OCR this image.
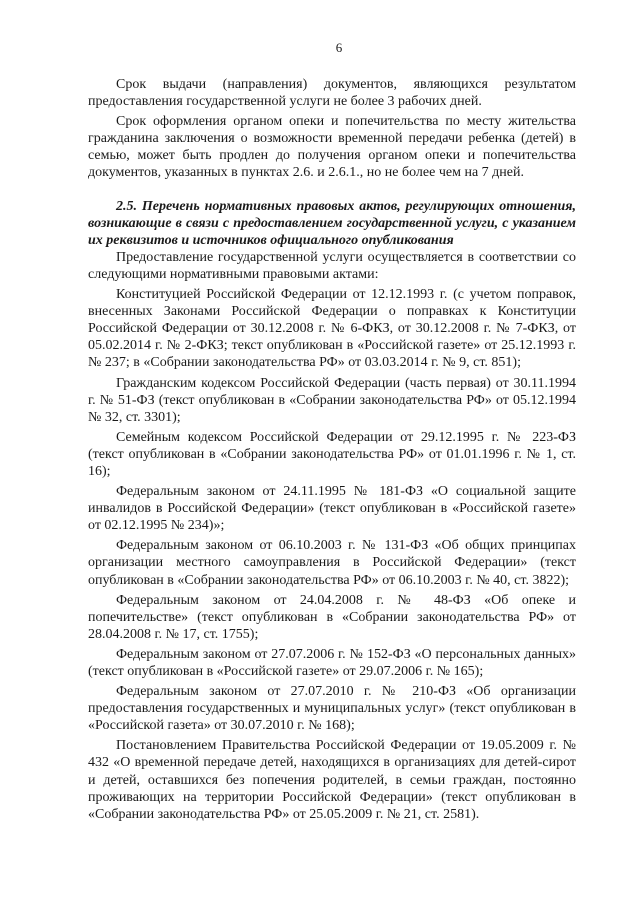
6

Срок выдачи (направления) документов, являющихся результатом предоставления государственной услуги не более 3 рабочих дней.

Срок оформления органом опеки и попечительства по месту жительства гражданина заключения о возможности временной передачи ребенка (детей) в семью, может быть продлен до получения органом опеки и попечительства документов, указанных в пунктах 2.6. и 2.6.1., но не более чем на 7 дней.

2.5. Перечень нормативных правовых актов, регулирующих отношения, возникающие в связи с предоставлением государственной услуги, с указанием их реквизитов и источников официального опубликования

Предоставление государственной услуги осуществляется в соответствии со следующими нормативными правовыми актами:

Конституцией Российской Федерации от 12.12.1993 г. (с учетом поправок, внесенных Законами Российской Федерации о поправках к Конституции Российской Федерации от 30.12.2008 г. № 6-ФКЗ, от 30.12.2008 г. № 7-ФКЗ, от 05.02.2014 г. № 2-ФКЗ; текст опубликован в «Российской газете» от 25.12.1993 г. № 237; в «Собрании законодательства РФ» от 03.03.2014 г. № 9, ст. 851);

Гражданским кодексом Российской Федерации (часть первая) от 30.11.1994 г. № 51-ФЗ (текст опубликован в «Собрании законодательства РФ» от 05.12.1994 № 32, ст. 3301);

Семейным кодексом Российской Федерации от 29.12.1995 г. № 223-ФЗ (текст опубликован в «Собрании законодательства РФ» от 01.01.1996 г. № 1, ст. 16);

Федеральным законом от 24.11.1995 № 181-ФЗ «О социальной защите инвалидов в Российской Федерации» (текст опубликован в «Российской газете» от 02.12.1995 № 234)»;

Федеральным законом от 06.10.2003 г. № 131-ФЗ «Об общих принципах организации местного самоуправления в Российской Федерации» (текст опубликован в «Собрании законодательства РФ» от 06.10.2003 г. № 40, ст. 3822);

Федеральным законом от 24.04.2008 г. № 48-ФЗ «Об опеке и попечительстве» (текст опубликован в «Собрании законодательства РФ» от 28.04.2008 г. № 17, ст. 1755);

Федеральным законом от 27.07.2006 г. № 152-ФЗ «О персональных данных» (текст опубликован в «Российской газете» от 29.07.2006 г. № 165);

Федеральным законом от 27.07.2010 г. № 210-ФЗ «Об организации предоставления государственных и муниципальных услуг» (текст опубликован в «Российской газета» от 30.07.2010 г. № 168);

Постановлением Правительства Российской Федерации от 19.05.2009 г. № 432 «О временной передаче детей, находящихся в организациях для детей-сирот и детей, оставшихся без попечения родителей, в семьи граждан, постоянно проживающих на территории Российской Федерации» (текст опубликован в «Собрании законодательства РФ» от 25.05.2009 г. № 21, ст. 2581).
